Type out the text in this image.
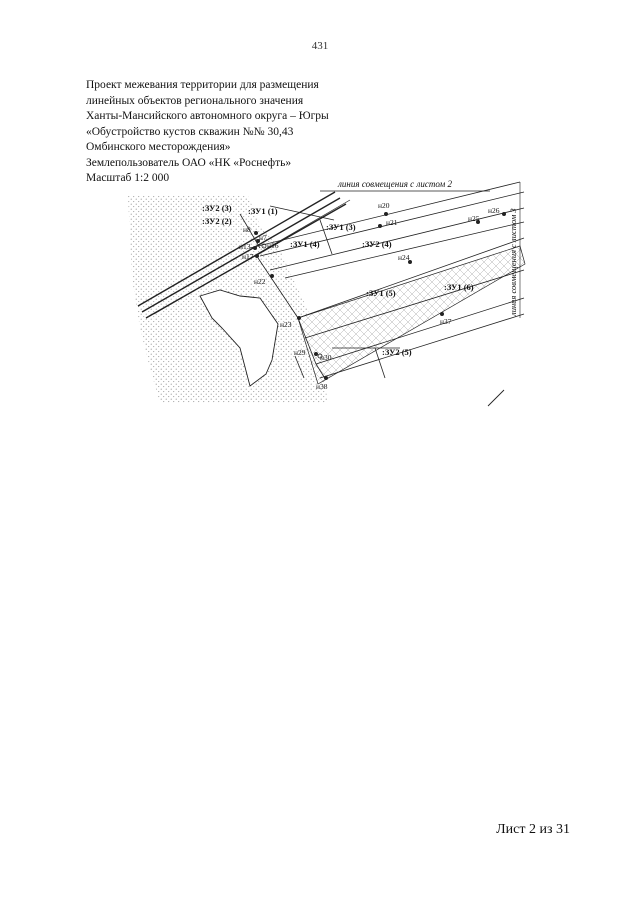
431
Проект межевания территории для размещения
линейных объектов регионального значения
Ханты-Мансийского автономного округа – Югры
«Обустройство кустов скважин №№ 30,43
Омбинского месторождения»
Землепользователь ОАО «НК «Роснефть»
Масштаб 1:2 000	линия совмещения с листом 2
линия совмещения с листом 3
:ЗУ2 (3) :ЗУ1 (1)
:ЗУ2 (2)
:ЗУ1 (3)
:ЗУ1 (4)	:ЗУ2 (4)
:ЗУ1 (5)
:ЗУ1 (6)
:ЗУ2 (5)
н8
н7
н13 н16
н17
н20
н21
н22
н23
н24
н25
н26
н29
н30
н37
н38
Лист 2 из 31
